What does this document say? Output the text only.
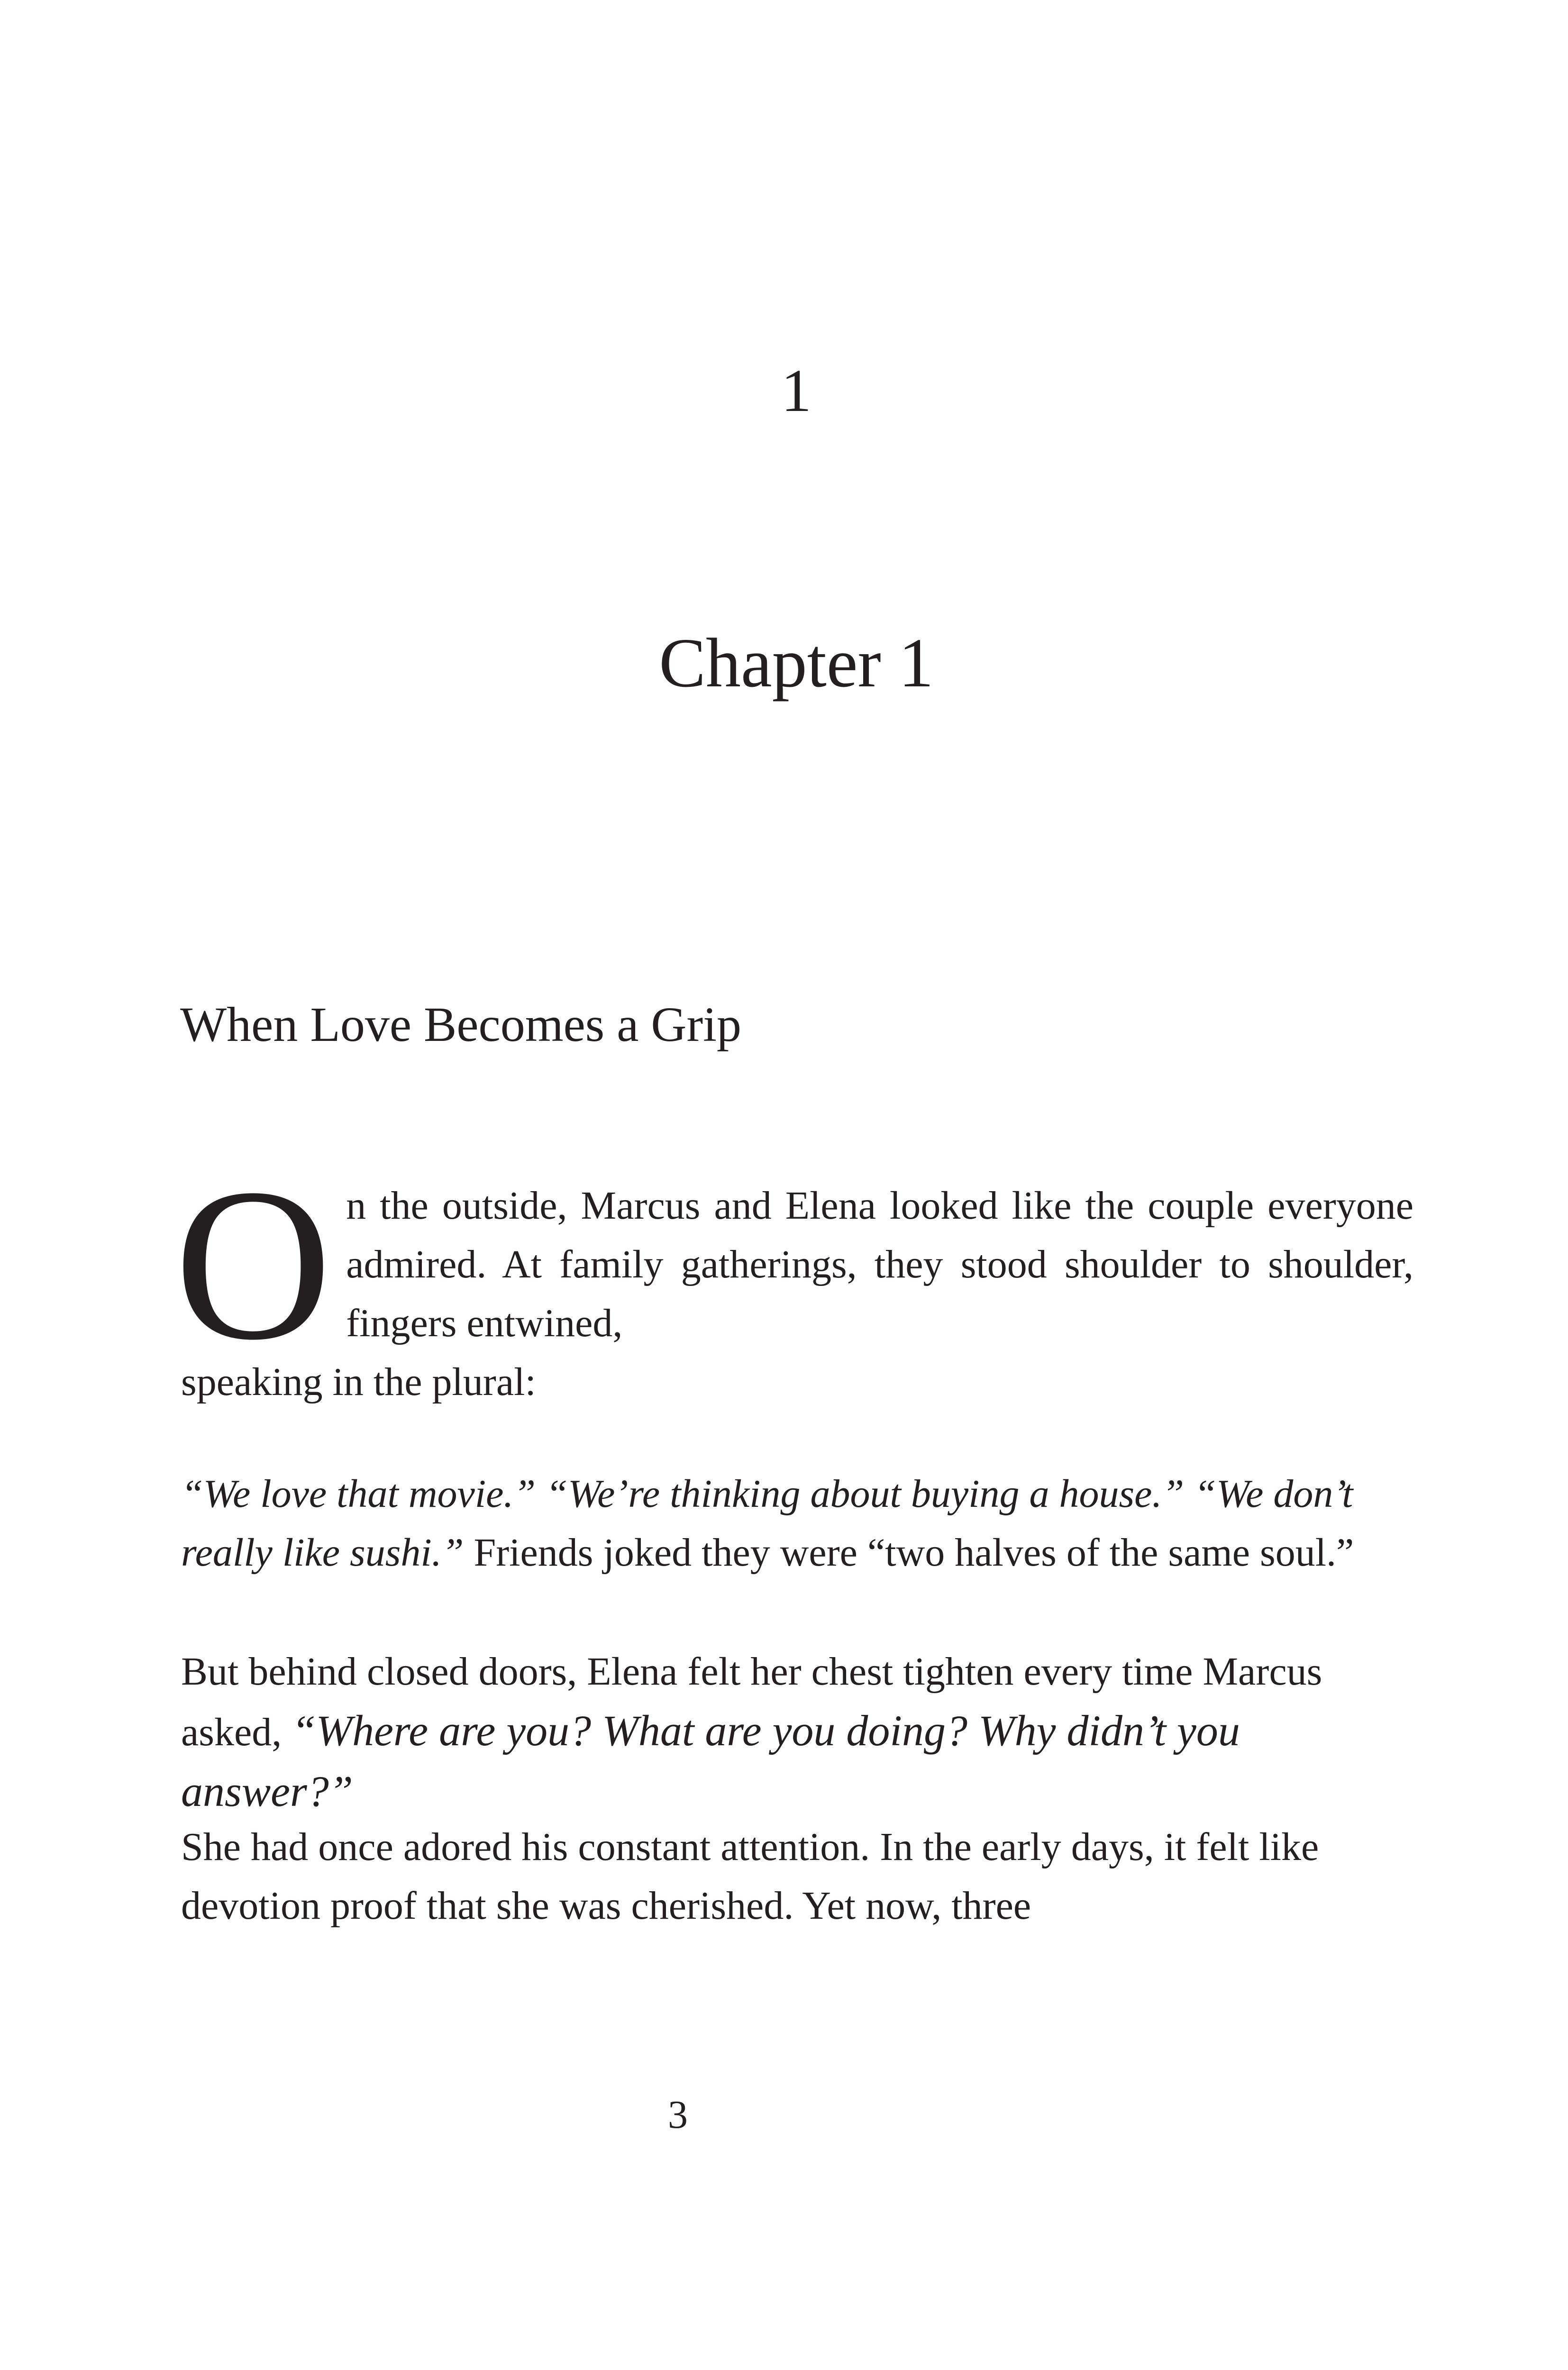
1
Chapter 1
When Love Becomes a Grip
O n the outside, Marcus and Elena looked like the couple everyone admired. At family gatherings, they stood shoulder to shoulder, fingers entwined,
speaking in the plural:
“We love that movie.” “We’re thinking about buying a house.” “We don’t really like sushi.” Friends joked they were “two halves of the same soul.”
But behind closed doors, Elena felt her chest tighten every time Marcus asked, “Where are you? What are you doing? Why didn’t you answer?”
She had once adored his constant attention. In the early days, it felt like devotion proof that she was cherished. Yet now, three
3
